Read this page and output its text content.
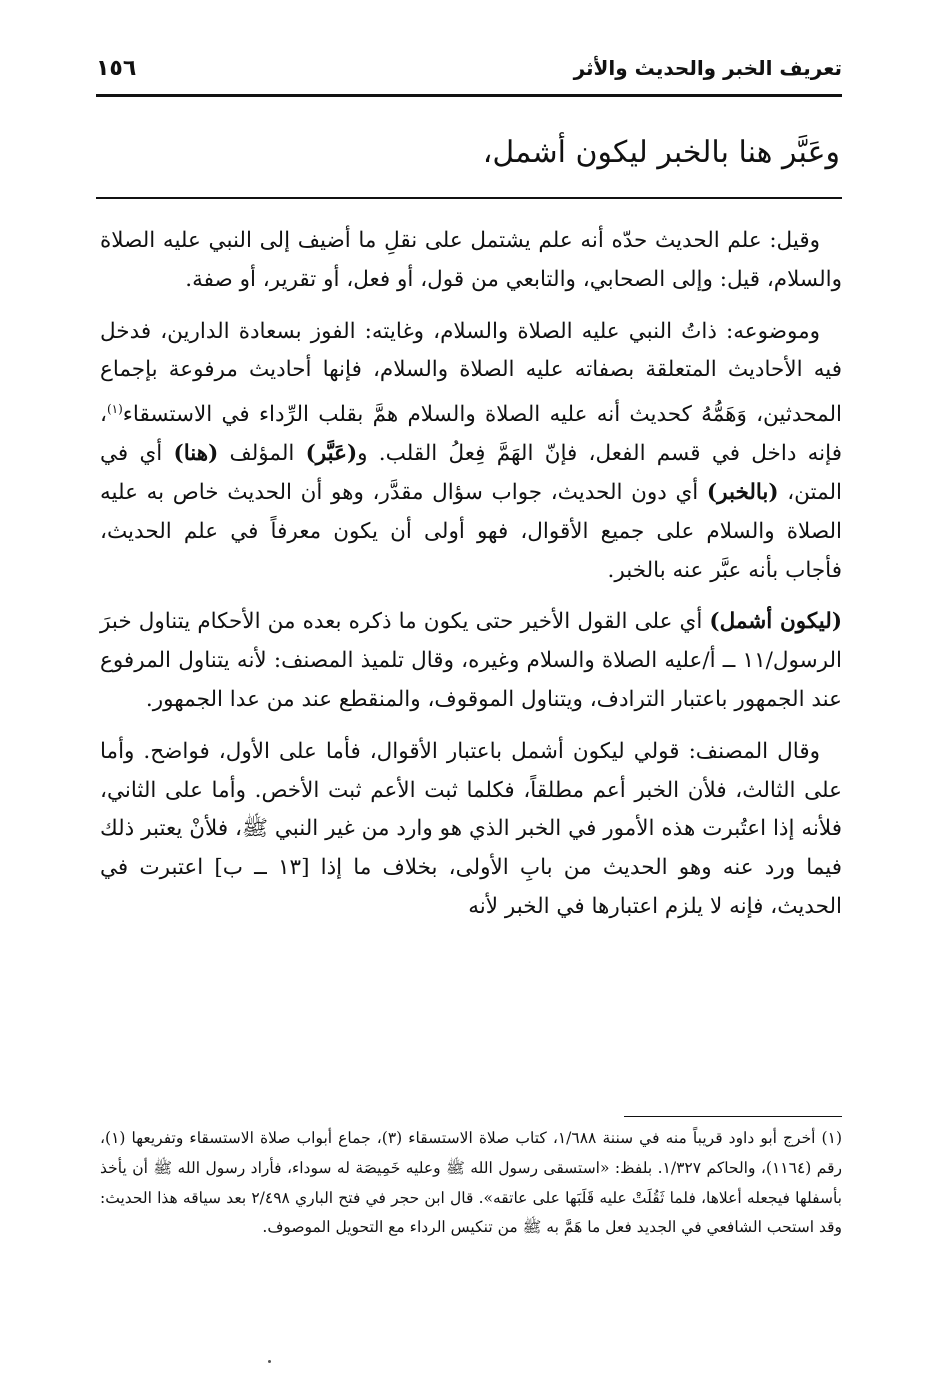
تعريف الخبر والحديث والأثر
١٥٦
وعَبَّر هنا بالخبر ليكون أشمل،

وقيل: علم الحديث حدّه أنه علم يشتمل على نقلِ ما أضيف إلى النبي عليه الصلاة والسلام، قيل: وإلى الصحابي، والتابعي من قول، أو فعل، أو تقرير، أو صفة.

وموضوعه: ذاتُ النبي عليه الصلاة والسلام، وغايته: الفوز بسعادة الدارين، فدخل فيه الأحاديث المتعلقة بصفاته عليه الصلاة والسلام، فإنها أحاديث مرفوعة بإجماع المحدثين، وَهَمُّهُ كحديث أنه عليه الصلاة والسلام همَّ بقلب الرِّداء في الاستسقاء$^{(١)}$، فإنه داخل في قسم الفعل، فإنّ الهَمَّ فِعلُ القلب. و(عَبَّر) المؤلف (هنا) أي في المتن، (بالخبر) أي دون الحديث، جواب سؤال مقدَّر، وهو أن الحديث خاص به عليه الصلاة والسلام على جميع الأقوال، فهو أولى أن يكون معرفاً في علم الحديث، فأجاب بأنه عبَّر عنه بالخبر.

(ليكون أشمل) أي على القول الأخير حتى يكون ما ذكره بعده من الأحكام يتناول خبرَ الرسول/١١ ــ أ/عليه الصلاة والسلام وغيره، وقال تلميذ المصنف: لأنه يتناول المرفوع عند الجمهور باعتبار الترادف، ويتناول الموقوف، والمنقطع عند من عدا الجمهور.

وقال المصنف: قولي ليكون أشمل باعتبار الأقوال، فأما على الأول، فواضح. وأما على الثالث، فلأن الخبر أعم مطلقاً، فكلما ثبت الأعم ثبت الأخص. وأما على الثاني، فلأنه إذا اعتُبرت هذه الأمور في الخبر الذي هو وارد من غير النبي ﷺ، فلأنْ يعتبر ذلك فيما ورد عنه وهو الحديث من بابِ الأولى، بخلاف ما إذا [١٣ ــ ب] اعتبرت في الحديث، فإنه لا يلزم اعتبارها في الخبر لأنه

(١) أخرج أبو داود قريباً منه في سننة ١/٦٨٨، كتاب صلاة الاستسقاء (٣)، جماع أبواب صلاة الاستسقاء وتفريعها (١)، رقم (١١٦٤)، والحاكم ١/٣٢٧. بلفظ: «استسقى رسول الله ﷺ وعليه خَمِيصَة له سوداء، فأراد رسول الله ﷺ أن يأخذ بأسفلها فيجعله أعلاها، فلما ثَقُلَتْ عليه قَلَبَها على عاتقه». قال ابن حجر في فتح الباري ٢/٤٩٨ بعد سياقه هذا الحديث: وقد استحب الشافعي في الجديد فعل ما هَمَّ به ﷺ من تنكيس الرداء مع التحويل الموصوف.
